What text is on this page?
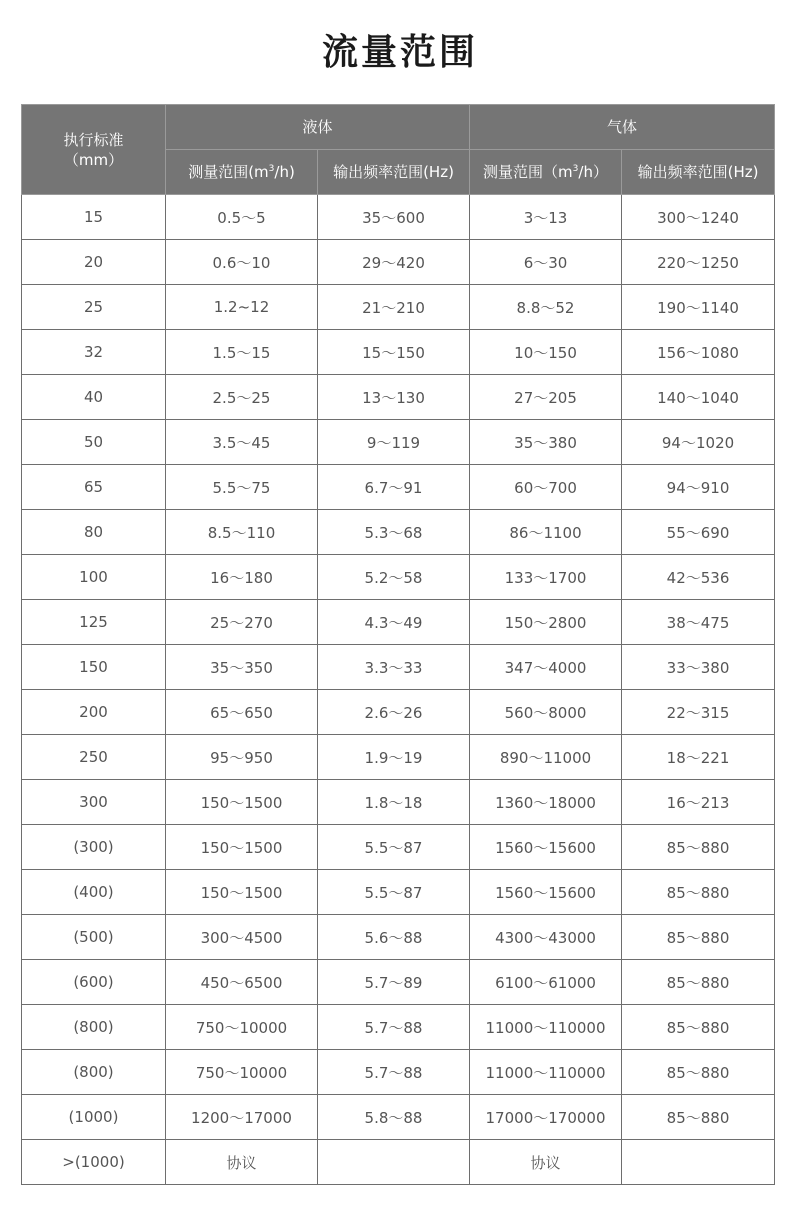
流量范围
执行标准
（mm）	液体		气体	
	测量范围$(m^3/h)$	输出频率范围(Hz)	测量范围$(m^3/h)$	输出频率范围(Hz)
15	0.5～5	35～600	3～13	300～1240
20	0.6～10	29～420	6～30	220～1250
25	1.2~12	21～210	8.8～52	190～1140
32	1.5～15	15～150	10～150	156～1080
40	2.5～25	13～130	27～205	140～1040
50	3.5～45	9～119	35～380	94～1020
65	5.5～75	6.7～91	60～700	94～910
80	8.5～110	5.3～68	86～1100	55～690
100	16～180	5.2～58	133～1700	42～536
125	25～270	4.3～49	150～2800	38～475
150	35～350	3.3～33	347～4000	33～380
200	65～650	2.6～26	560～8000	22～315
250	95～950	1.9～19	890～11000	18～221
300	150～1500	1.8～18	1360～18000	16～213
(300)	150～1500	5.5～87	1560～15600	85～880
(400)	150～1500	5.5～87	1560～15600	85～880
(500)	300～4500	5.6～88	4300～43000	85～880
(600)	450～6500	5.7～89	6100～61000	85～880
(800)	750～10000	5.7～88	11000～110000	85～880
(800)	750～10000	5.7～88	11000～110000	85～880
(1000)	1200～17000	5.8～88	17000～170000	85～880
>(1000)	协议		协议	
